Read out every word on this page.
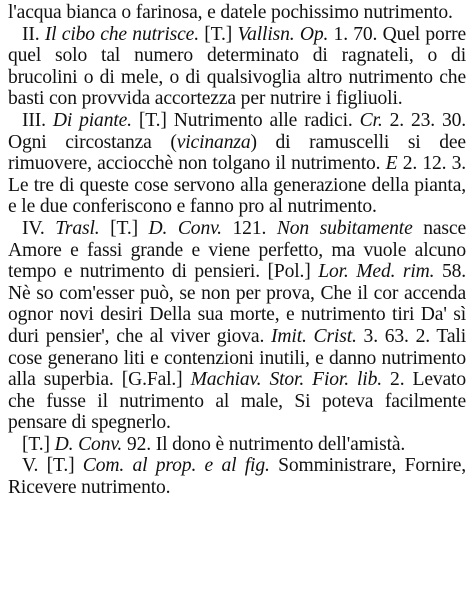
l'acqua bianca o farinosa, e datele pochissimo nutrimento.

II. Il cibo che nutrisce. [T.] Vallisn. Op. 1. 70. Quel porre quel solo tal numero determinato di ragnateli, o di brucolini o di mele, o di qualsivoglia altro nutrimento che basti con provvida accortezza per nutrire i figliuoli.

III. Di piante. [T.] Nutrimento alle radici. Cr. 2. 23. 30. Ogni circostanza (vicinanza) di ramuscelli si dee rimuovere, acciocchè non tolgano il nutrimento. E 2. 12. 3. Le tre di queste cose servono alla generazione della pianta, e le due conferiscono e fanno pro al nutrimento.

IV. Trasl. [T.] D. Conv. 121. Non subitamente nasce Amore e fassi grande e viene perfetto, ma vuole alcuno tempo e nutrimento di pensieri. [Pol.] Lor. Med. rim. 58. Nè so com'esser può, se non per prova, Che il cor accenda ognor novi desiri Della sua morte, e nutrimento tiri Da' sì duri pensier', che al viver giova. Imit. Crist. 3. 63. 2. Tali cose generano liti e contenzioni inutili, e danno nutrimento alla superbia. [G.Fal.] Machiav. Stor. Fior. lib. 2. Levato che fusse il nutrimento al male, Si poteva facilmente pensare di spegnerlo.

[T.] D. Conv. 92. Il dono è nutrimento dell'amistà.

V. [T.] Com. al prop. e al fig. Somministrare, Fornire, Ricevere nutrimento.
